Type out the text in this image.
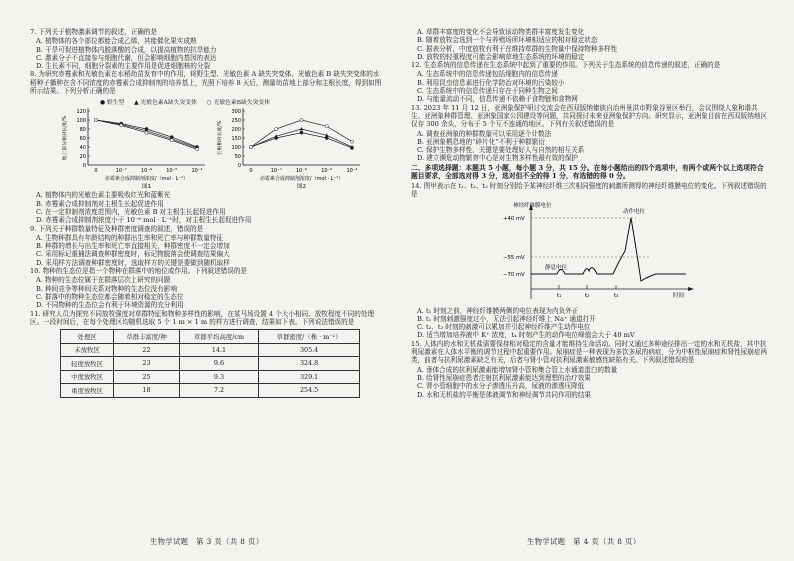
7. 下列关于植物激素调节的叙述，正确的是
A. 植物体的各个部位都能合成乙烯，其能催化果实成熟
B. 干旱可促进植物体内脱落酸的合成，以提高植物的抗旱能力
C. 激素分子不直接参与细胞代谢，但会影响细胞内基因的表达
D. 生长素不同，细胞分裂素的主要作用是促进细胞核的分裂
8. 为研究赤霉素和光敏色素在水稻幼苗发育中的作用，将野生型、光敏色素 A 缺失突变体、光敏色素 B 缺失突变体的水稻种子播种在含不同浓度的赤霉素合成抑制剂的培养基上，光照下培养 8 天后，测量幼苗地上部分和主根长度，得到如图所示结果。下列分析正确的是
● 野生型 ▲ 光敏色素A缺失突变体 ○ 光敏色素B缺失突变体
120
100
80
60
40
20
0
0	10⁻⁷	10⁻⁶	10⁻⁵	10⁻⁴
地上部分相对长度/%
赤霉素合成抑制剂浓度/（mol · L⁻¹）
图1
300
250
200
150
100
50
0
0	10⁻⁷	10⁻⁶	10⁻⁵	10⁻⁴
主根相对长度/%
赤霉素合成抑制剂浓度/（mol · L⁻¹）
图2
A. 植物体内的光敏色素主要吸收红光和蓝紫光
B. 赤霉素合成抑制剂对主根生长起促进作用
C. 在一定抑制剂浓度范围内，光敏色素 B 对主根生长起促进作用
D. 赤霉素合成抑制剂浓度小于 10⁻⁶ mol · L⁻¹时，对主根生长起促进作用
9. 下列关于种群数量特征及种群密度调查的叙述，错误的是
A. 生物种群具有年龄结构的种群出生率和死亡率与种群数量特征
B. 种群的增长与出生率和死亡率直接相关，种群密度不一定会增加
C. 采用标记重捕法调查种群密度时，标记物脱落会使调查结果偏大
D. 采用样方法调查种群密度时，选取样方的关键是要做到随机取样
10. 物种的生态位是指一个物种在群落中的地位或作用。下列叙述错误的是
A. 物种的生态位属于在群落层次上研究的问题
B. 种间竞争等种间关系对物种的生态位没有影响
C. 群落中的物种生态位都会随着相对稳定的生态位
D. 不同物种的生态位会有利于环境资源的充分利用
11. 研究人员为探究不同放牧强度对草群特征和物种多样性的影响，在某马场设置 4 个大小相同、放牧程度不同的处理区。一段时间后，在每个处理区均随机选取 5 个 1 m × 1 m 的样方进行调查，结果如下表。下列说法错误的是
处理区	草群丰富度/种	草群平均高度/cm	草群密度/（株 · m⁻²）
未放牧区	22	14.1	305.4
轻度放牧区	23	9.6	324.8
中度放牧区	25	9.3	329.1
重度放牧区	18	7.2	254.5
生物学试题　第 3 页（共 8 页）
A. 草群丰富度的变化不会导致该动物类群丰富度发生变化
B. 随着放牧会选到一个与养殖场所环境相适应的相对稳定状态
C. 据表分析，中度放牧有利于在维持草群的生物量中保持物种多样性
D. 放牧的轻重程度可能会影响草地生态系统的环境的稳定
12. 生态系统的信息传递在生态系统中起到了重要的作用。下列关于生态系统的信息传递的叙述，正确的是
A. 生态系统中的信息传递包括细胞内的信息传递
B. 利用昆虫信息素进行化学防治对环境的污染较小
C. 生态系统中的信息传递只存在于同种生物之间
D. 与能量流动不同，信息传递不依赖于食物链和食物网
13. 2023 年 11 月 12 日，亚洲象保护研讨交流会在西双版纳傣族自治州景洪市野象谷景区举行，会议围绕人象和谐共生、亚洲象种群管理、亚洲象国家公园建设等问题，共同探讨未来亚洲象保护方向。研究显示，亚洲象目前在西双版纳地区仅存 300 余头，分布于 5 个互不连通的地区。下列有关叙述错误的是
A. 调查亚洲象的种群数量可以采用逐个计数法
B. 亚洲象栖息地的“碎片化”不利于种群繁衍
C. 保护生物多样性，关键是要处理好人与自然的相互关系
D. 建立濒危动物繁育中心是对生物多样性最有效的保护
二、多项选择题：本题共 5 小题，每小题 3 分，共 15 分。在每小题给出的四个选项中，有两个或两个以上选项符合题目要求，全部选对得 3 分，选对但不全的得 1 分，有选错的得 0 分。
14. 图甲表示在 t₁、t₂、t₃ 时刻分别给予某神经纤维三次相同强度的刺激所测得的神经纤维膜电位的变化。下列叙述错误的是
神经纤维膜电位
+40 mV
−55 mV
−70 mV
动作电位
静息电位
t₁	t₂	t₃	时间
A. t₁ 时刻之前，神经纤维膜两侧的电位表现为内负外正
B. t₁ 时刻刺激强度过小，无法引起神经纤维上 Na⁺ 通道打开
C. t₂、t₃ 时刻的刺激可以累加并引起神经纤维产生动作电位
D. 适当增加培养液中 K⁺ 浓度，t₄ 时刻产生的动作电位峰值会大于 40 mV
15. 人体内的水和无机盐需要保持相对稳定的含量才能维持生命活动。同时又通过多种途径排出一定的水和无机盐，其中抗利尿激素在人体水平衡的调节过程中起重要作用。尿崩症是一种表现为多饮多尿的病症，分为中枢性尿崩症和肾性尿崩症两类，前者与抗利尿激素缺乏有关，后者与肾小管对抗利尿激素敏感性缺陷有关。下列叙述错误的是
A. 垂体合成的抗利尿激素能增加肾小管和集合管上水通道蛋白的数量
B. 给肾性尿崩症患者注射抗利尿激素能达到理想的治疗效果
C. 肾小管细胞中的水分子渗透压升高，尿液的渗透压降低
D. 水和无机盐的平衡是体液调节和神经调节共同作用的结果
生物学试题　第 4 页（共 8 页）
